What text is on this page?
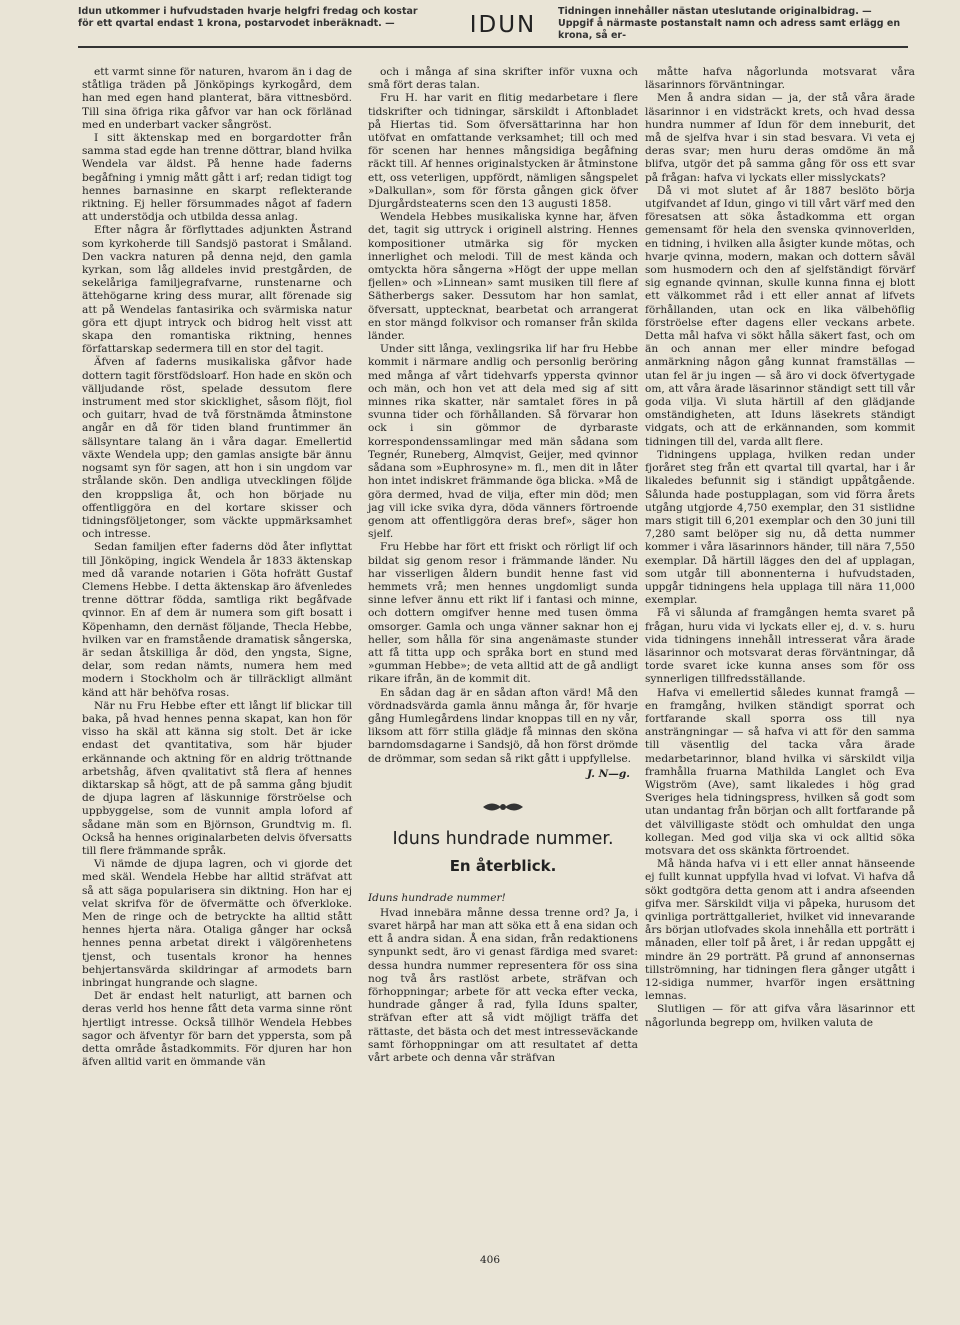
Idun utkommer i hufvudstaden hvarje helgfri fredag och kostar för ett qvartal endast 1 krona, postarvodet inberäknadt. —	IDUN
Tidningen innehåller nästan uteslutande originalbidrag. — Uppgif å närmaste postanstalt namn och adress samt erlägg en krona, så er-

ett varmt sinne för naturen, hvarom än i dag de ståtliga träden på Jönköpings kyrkogård, dem han med egen hand planterat, bära vittnesbörd. Till sina öfriga rika gåfvor var han ock förlänad med en underbart vacker sångröst.

I sitt äktenskap med en borgardotter från samma stad egde han trenne döttrar, bland hvilka Wendela var äldst. På henne hade faderns begåfning i ymnig mått gått i arf; redan tidigt tog hennes barnasinne en skarpt reflekterande riktning. Ej heller försummades något af fadern att understödja och utbilda dessa anlag.

Efter några år förflyttades adjunkten Åstrand som kyrkoherde till Sandsjö pastorat i Småland. Den vackra naturen på denna nejd, den gamla kyrkan, som låg alldeles invid prestgården, de sekelåriga familjegrafvarne, runstenarne och ättehögarne kring dess murar, allt förenade sig att på Wendelas fantasirika och svärmiska natur göra ett djupt intryck och bidrog helt visst att skapa den romantiska riktning, hennes författarskap sedermera till en stor del tagit.

Äfven af faderns musikaliska gåfvor hade dottern tagit förstfödsloarf. Hon hade en skön och välljudande röst, spelade dessutom flere instrument med stor skicklighet, såsom flöjt, fiol och guitarr, hvad de två förstnämda åtminstone angår en då för tiden bland fruntimmer än sällsyntare talang än i våra dagar. Emellertid växte Wendela upp; den gamlas ansigte bär ännu nogsamt syn för sagen, att hon i sin ungdom var strålande skön. Den andliga utvecklingen följde den kroppsliga åt, och hon började nu offentliggöra en del kortare skisser och tidningsföljetonger, som väckte uppmärksamhet och intresse.

Sedan familjen efter faderns död åter inflyttat till Jönköping, ingick Wendela år 1833 äktenskap med då varande notarien i Göta hofrätt Gustaf Clemens Hebbe. I detta äktenskap äro äfvenledes trenne döttrar födda, samtliga rikt begåfvade qvinnor. En af dem är numera som gift bosatt i Köpenhamn, den dernäst följande, Thecla Hebbe, hvilken var en framstående dramatisk sångerska, är sedan åtskilliga år död, den yngsta, Signe, delar, som redan nämts, numera hem med modern i Stockholm och är tillräckligt allmänt känd att här behöfva rosas.

När nu Fru Hebbe efter ett långt lif blickar till baka, på hvad hennes penna skapat, kan hon för visso ha skäl att känna sig stolt. Det är icke endast det qvantitativa, som här bjuder erkännande och aktning för en aldrig tröttnande arbetshåg, äfven qvalitativt stå flera af hennes diktarskap så högt, att de på samma gång bjudit de djupa lagren af läskunnige förströelse och uppbyggelse, som de vunnit ampla loford af sådane män som en Björnson, Grundtvig m. fl. Också ha hennes originalarbeten delvis öfversatts till flere främmande språk.

Vi nämde de djupa lagren, och vi gjorde det med skäl. Wendela Hebbe har alltid sträfvat att så att säga popularisera sin diktning. Hon har ej velat skrifva för de öfvermätte och öfverkloke. Men de ringe och de betryckte ha alltid stått hennes hjerta nära. Otaliga gånger har också hennes penna arbetat direkt i välgörenhetens tjenst, och tusentals kronor ha hennes behjertansvärda skildringar af armodets barn inbringat hungrande och slagne.

Det är endast helt naturligt, att barnen och deras verld hos henne fått deta varma sinne rönt hjertligt intresse. Också tillhör Wendela Hebbes sagor och äfventyr för barn det yppersta, som på detta område åstadkommits. För djuren har hon äfven alltid varit en ömmande vän

och i många af sina skrifter inför vuxna och små fört deras talan.

Fru H. har varit en flitig medarbetare i flere tidskrifter och tidningar, särskildt i Aftonbladet på Hiertas tid. Som öfversättarinna har hon utöfvat en omfattande verksamhet; till och med för scenen har hennes mångsidiga begåfning räckt till. Af hennes originalstycken är åtminstone ett, oss veterligen, uppfördt, nämligen sångspelet »Dalkullan», som för första gången gick öfver Djurgårdsteaterns scen den 13 augusti 1858.

Wendela Hebbes musikaliska kynne har, äfven det, tagit sig uttryck i originell alstring. Hennes kompositioner utmärka sig för mycken innerlighet och melodi. Till de mest kända och omtyckta höra sångerna »Högt der uppe mellan fjellen» och »Linnean» samt musiken till flere af Sätherbergs saker. Dessutom har hon samlat, öfversatt, upptecknat, bearbetat och arrangerat en stor mängd folkvisor och romanser från skilda länder.

Under sitt långa, vexlingsrika lif har fru Hebbe kommit i närmare andlig och personlig beröring med många af vårt tidehvarfs yppersta qvinnor och män, och hon vet att dela med sig af sitt minnes rika skatter, när samtalet föres in på svunna tider och förhållanden. Så förvarar hon ock i sin gömmor de dyrbaraste korrespondenssamlingar med män sådana som Tegnér, Runeberg, Almqvist, Geijer, med qvinnor sådana som »Euphrosyne» m. fl., men dit in låter hon intet indiskret främmande öga blicka. »Må de göra dermed, hvad de vilja, efter min död; men jag vill icke svika dyra, döda vänners förtroende genom att offentliggöra deras bref», säger hon sjelf.

Fru Hebbe har fört ett friskt och rörligt lif och bildat sig genom resor i främmande länder. Nu har visserligen åldern bundit henne fast vid hemmets vrå; men hennes ungdomligt sunda sinne lefver ännu ett rikt lif i fantasi och minne, och dottern omgifver henne med tusen ömma omsorger. Gamla och unga vänner saknar hon ej heller, som hålla för sina angenämaste stunder att få titta upp och språka bort en stund med »gumman Hebbe»; de veta alltid att de gå andligt rikare ifrån, än de kommit dit.

En sådan dag är en sådan afton värd! Må den vördnadsvärda gamla ännu många år, för hvarje gång Humlegårdens lindar knoppas till en ny vår, liksom att förr stilla glädje få minnas den sköna barndomsdagarne i Sandsjö, då hon först drömde de drömmar, som sedan så rikt gått i uppfyllelse.

J. N—g.
Iduns hundrade nummer.
En återblick.

Iduns hundrade nummer!

Hvad innebära månne dessa trenne ord? Ja, i svaret härpå har man att söka ett å ena sidan och ett å andra sidan. Å ena sidan, från redaktionens synpunkt sedt, äro vi genast färdiga med svaret: dessa hundra nummer representera för oss sina nog två års rastlöst arbete, sträfvan och förhoppningar; arbete för att vecka efter vecka, hundrade gånger å rad, fylla Iduns spalter, sträfvan efter att så vidt möjligt träffa det rättaste, det bästa och det mest intresseväckande samt förhoppningar om att resultatet af detta vårt arbete och denna vår sträfvan

måtte hafva någorlunda motsvarat våra läsarinnors förväntningar.

Men å andra sidan — ja, der stå våra ärade läsarinnor i en vidsträckt krets, och hvad dessa hundra nummer af Idun för dem inneburit, det må de sjelfva hvar i sin stad besvara. Vi veta ej deras svar; men huru deras omdöme än må blifva, utgör det på samma gång för oss ett svar på frågan: hafva vi lyckats eller misslyckats?

Då vi mot slutet af år 1887 beslöto börja utgifvandet af Idun, gingo vi till vårt värf med den föresatsen att söka åstadkomma ett organ gemensamt för hela den svenska qvinnoverlden, en tidning, i hvilken alla åsigter kunde mötas, och hvarje qvinna, modern, makan och dottern såväl som husmodern och den af sjelfständigt förvärf sig egnande qvinnan, skulle kunna finna ej blott ett välkommet råd i ett eller annat af lifvets förhållanden, utan ock en lika välbehöflig förströelse efter dagens eller veckans arbete. Detta mål hafva vi sökt hålla säkert fast, och om än och annan mer eller mindre befogad anmärkning någon gång kunnat framställas — utan fel är ju ingen — så äro vi dock öfvertygade om, att våra ärade läsarinnor ständigt sett till vår goda vilja. Vi sluta härtill af den glädjande omständigheten, att Iduns läsekrets ständigt vidgats, och att de erkännanden, som kommit tidningen till del, varda allt flere.

Tidningens upplaga, hvilken redan under fjoråret steg från ett qvartal till qvartal, har i år likaledes befunnit sig i ständigt uppåtgående. Sålunda hade postupplagan, som vid förra årets utgång utgjorde 4,750 exemplar, den 31 sistlidne mars stigit till 6,201 exemplar och den 30 juni till 7,280 samt belöper sig nu, då detta nummer kommer i våra läsarinnors händer, till nära 7,550 exemplar. Då härtill lägges den del af upplagan, som utgår till abonnenterna i hufvudstaden, uppgår tidningens hela upplaga till nära 11,000 exemplar.

Få vi sålunda af framgången hemta svaret på frågan, huru vida vi lyckats eller ej, d. v. s. huru vida tidningens innehåll intresserat våra ärade läsarinnor och motsvarat deras förväntningar, då torde svaret icke kunna anses som för oss synnerligen tillfredsställande.

Hafva vi emellertid således kunnat framgå — en framgång, hvilken ständigt sporrat och fortfarande skall sporra oss till nya ansträngningar — så hafva vi att för den samma till väsentlig del tacka våra ärade medarbetarinnor, bland hvilka vi särskildt vilja framhålla fruarna Mathilda Langlet och Eva Wigström (Ave), samt likaledes i hög grad Sveriges hela tidningspress, hvilken så godt som utan undantag från början och allt fortfarande på det välvilligaste stödt och omhuldat den unga kollegan. Med god vilja ska vi ock alltid söka motsvara det oss skänkta förtroendet.

Må hända hafva vi i ett eller annat hänseende ej fullt kunnat uppfylla hvad vi lofvat. Vi hafva då sökt godtgöra detta genom att i andra afseenden gifva mer. Särskildt vilja vi påpeka, hurusom det qvinliga porträttgalleriet, hvilket vid innevarande års början utlofvades skola innehålla ett porträtt i månaden, eller tolf på året, i år redan uppgått ej mindre än 29 porträtt. På grund af annonsernas tillströmning, har tidningen flera gånger utgått i 12-sidiga nummer, hvarför ingen ersättning lemnas.

Slutligen — för att gifva våra läsarinnor ett någorlunda begrepp om, hvilken valuta de

406
